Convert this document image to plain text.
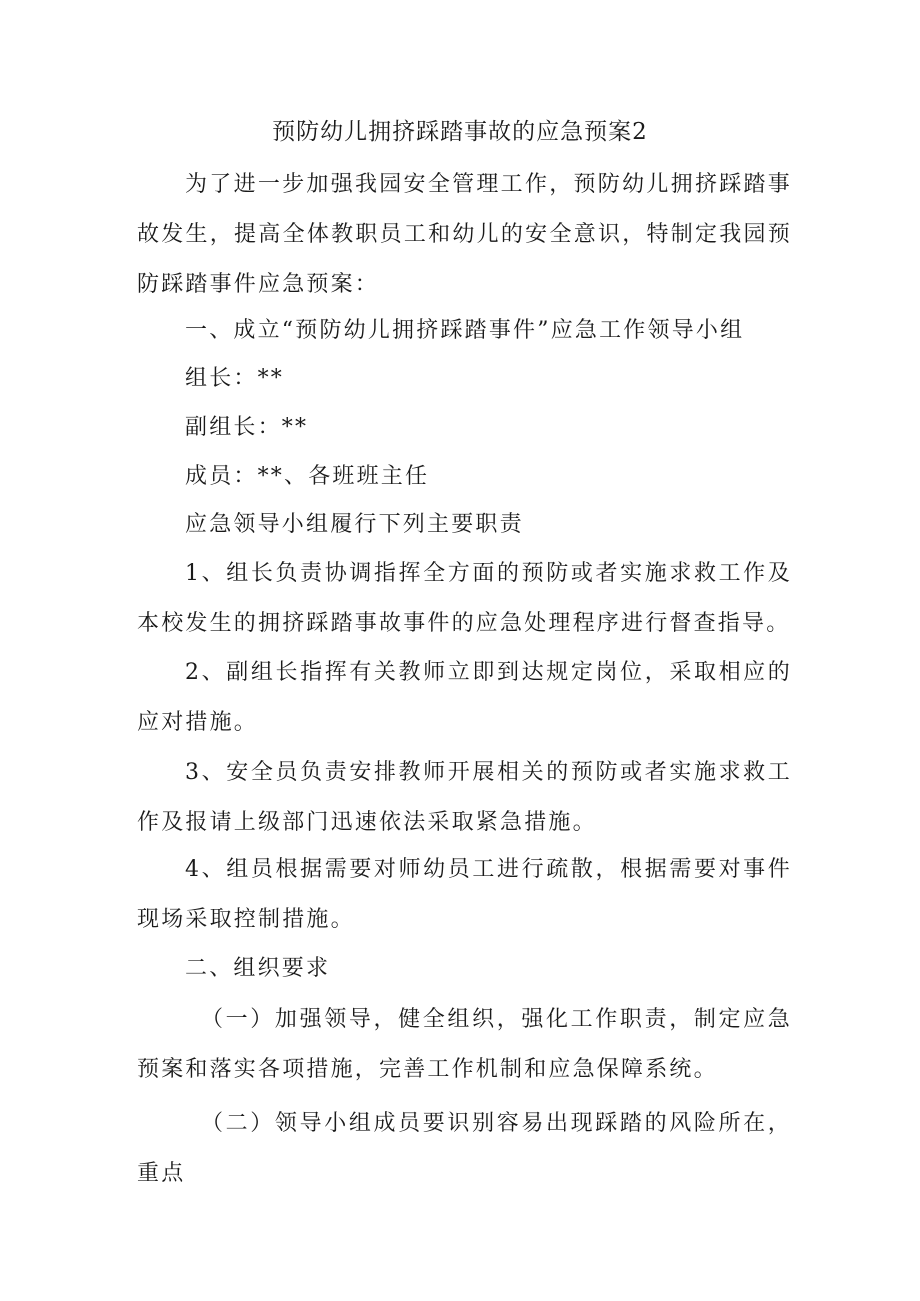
预防幼儿拥挤踩踏事故的应急预案2

为了进一步加强我园安全管理工作，预防幼儿拥挤踩踏事故发生，提高全体教职员工和幼儿的安全意识，特制定我园预防踩踏事件应急预案：

一、成立“预防幼儿拥挤踩踏事件”应急工作领导小组

组长：**

副组长：**

成员：**、各班班主任

应急领导小组履行下列主要职责

1、组长负责协调指挥全方面的预防或者实施求救工作及本校发生的拥挤踩踏事故事件的应急处理程序进行督查指导。

2、副组长指挥有关教师立即到达规定岗位，采取相应的应对措施。

3、安全员负责安排教师开展相关的预防或者实施求救工作及报请上级部门迅速依法采取紧急措施。

4、组员根据需要对师幼员工进行疏散，根据需要对事件现场采取控制措施。

二、组织要求

（一）加强领导，健全组织，强化工作职责，制定应急预案和落实各项措施，完善工作机制和应急保障系统。

（二）领导小组成员要识别容易出现踩踏的风险所在，重点
